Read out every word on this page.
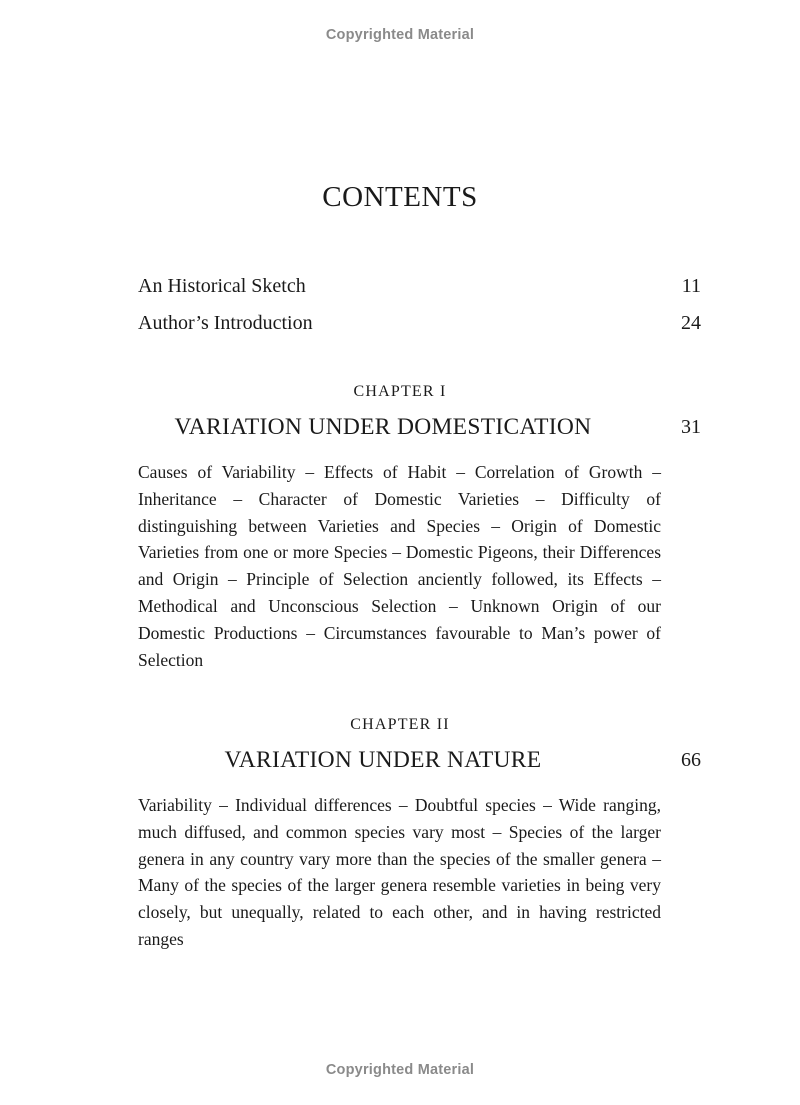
Copyrighted Material
CONTENTS
An Historical Sketch	11
Author’s Introduction	24
CHAPTER I
VARIATION UNDER DOMESTICATION	31
Causes of Variability – Effects of Habit – Correlation of Growth – Inheritance – Character of Domestic Varieties – Difficulty of distinguishing between Varieties and Species – Origin of Domestic Varieties from one or more Species – Domestic Pigeons, their Differences and Origin – Principle of Selection anciently followed, its Effects – Methodical and Unconscious Selection – Unknown Origin of our Domestic Productions – Circumstances favourable to Man’s power of Selection
CHAPTER II
VARIATION UNDER NATURE	66
Variability – Individual differences – Doubtful species – Wide ranging, much diffused, and common species vary most – Species of the larger genera in any country vary more than the species of the smaller genera – Many of the species of the larger genera resemble varieties in being very closely, but unequally, related to each other, and in having restricted ranges
Copyrighted Material
